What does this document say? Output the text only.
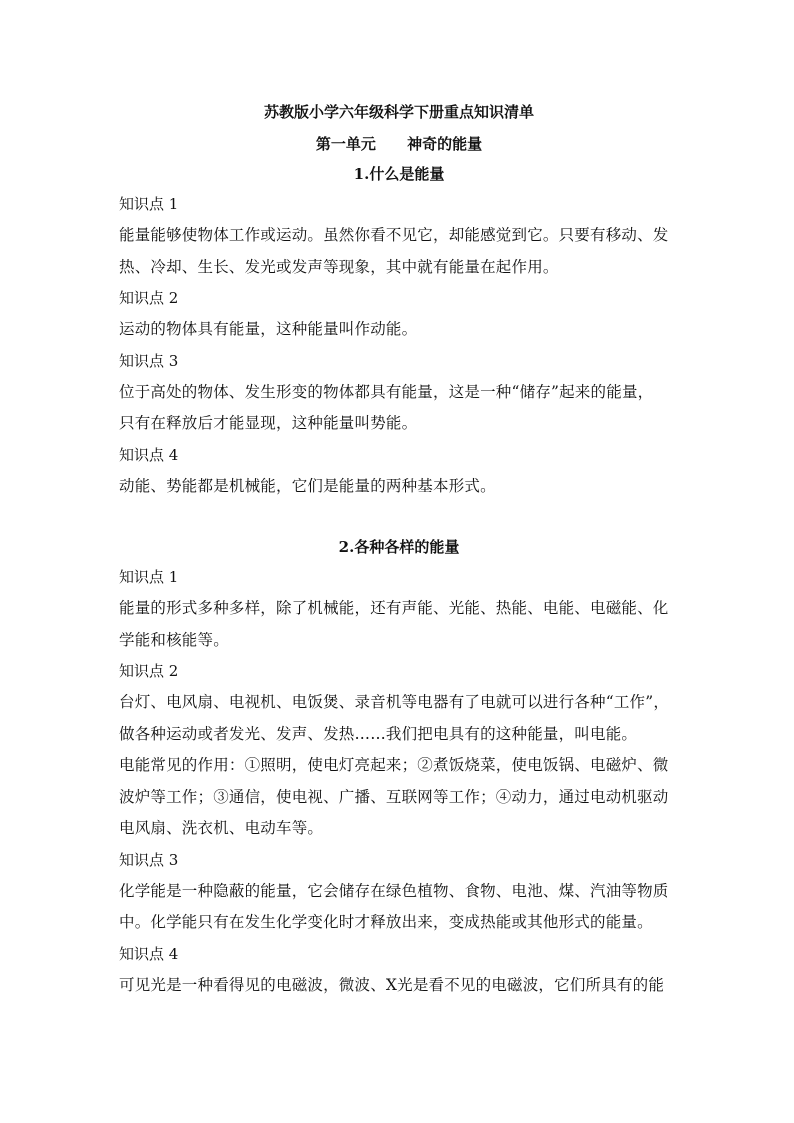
苏教版小学六年级科学下册重点知识清单
第一单元      神奇的能量
1.什么是能量
知识点 1
能量能够使物体工作或运动。虽然你看不见它，却能感觉到它。只要有移动、发
热、冷却、生长、发光或发声等现象，其中就有能量在起作用。
知识点 2
运动的物体具有能量，这种能量叫作动能。
知识点 3
位于高处的物体、发生形变的物体都具有能量，这是一种“储存”起来的能量，
只有在释放后才能显现，这种能量叫势能。
知识点 4
动能、势能都是机械能，它们是能量的两种基本形式。
2.各种各样的能量
知识点 1
能量的形式多种多样，除了机械能，还有声能、光能、热能、电能、电磁能、化
学能和核能等。
知识点 2
台灯、电风扇、电视机、电饭煲、录音机等电器有了电就可以进行各种“工作”，
做各种运动或者发光、发声、发热……我们把电具有的这种能量，叫电能。
电能常见的作用：①照明，使电灯亮起来；②煮饭烧菜，使电饭锅、电磁炉、微
波炉等工作；③通信，使电视、广播、互联网等工作；④动力，通过电动机驱动
电风扇、洗衣机、电动车等。
知识点 3
化学能是一种隐蔽的能量，它会储存在绿色植物、食物、电池、煤、汽油等物质
中。化学能只有在发生化学变化时才释放出来，变成热能或其他形式的能量。
知识点 4
可见光是一种看得见的电磁波，微波、X光是看不见的电磁波，它们所具有的能
